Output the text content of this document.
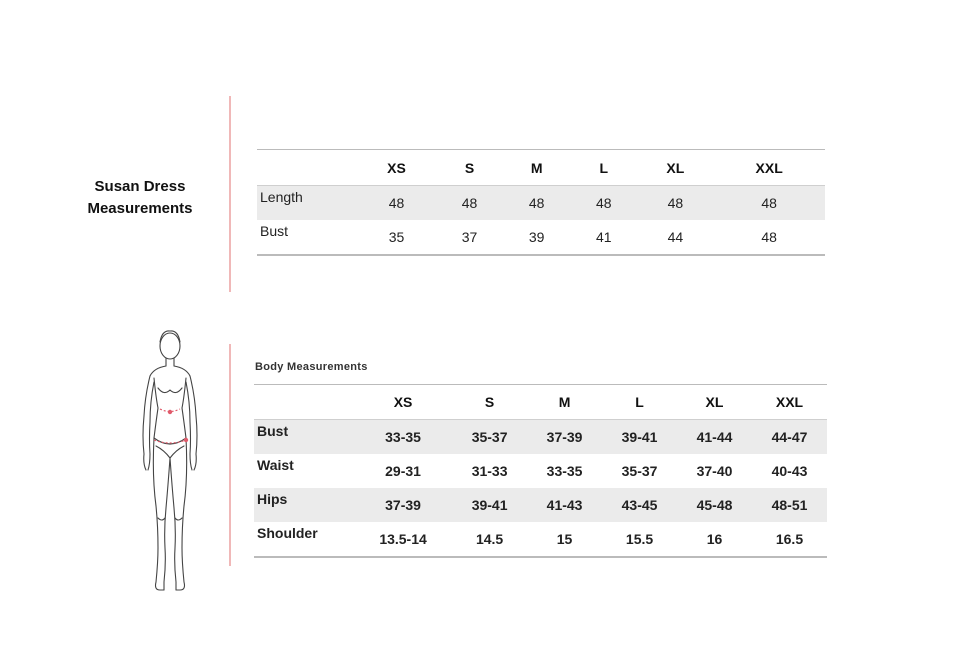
Susan Dress
Measurements
	XS	S	M	L	XL	XXL
Length	48	48	48	48	48	48
Bust	35	37	39	41	44	48
Body Measurements
	XS	S	M	L	XL	XXL
Bust	33-35	35-37	37-39	39-41	41-44	44-47
Waist	29-31	31-33	33-35	35-37	37-40	40-43
Hips	37-39	39-41	41-43	43-45	45-48	48-51
Shoulder	13.5-14	14.5	15	15.5	16	16.5
